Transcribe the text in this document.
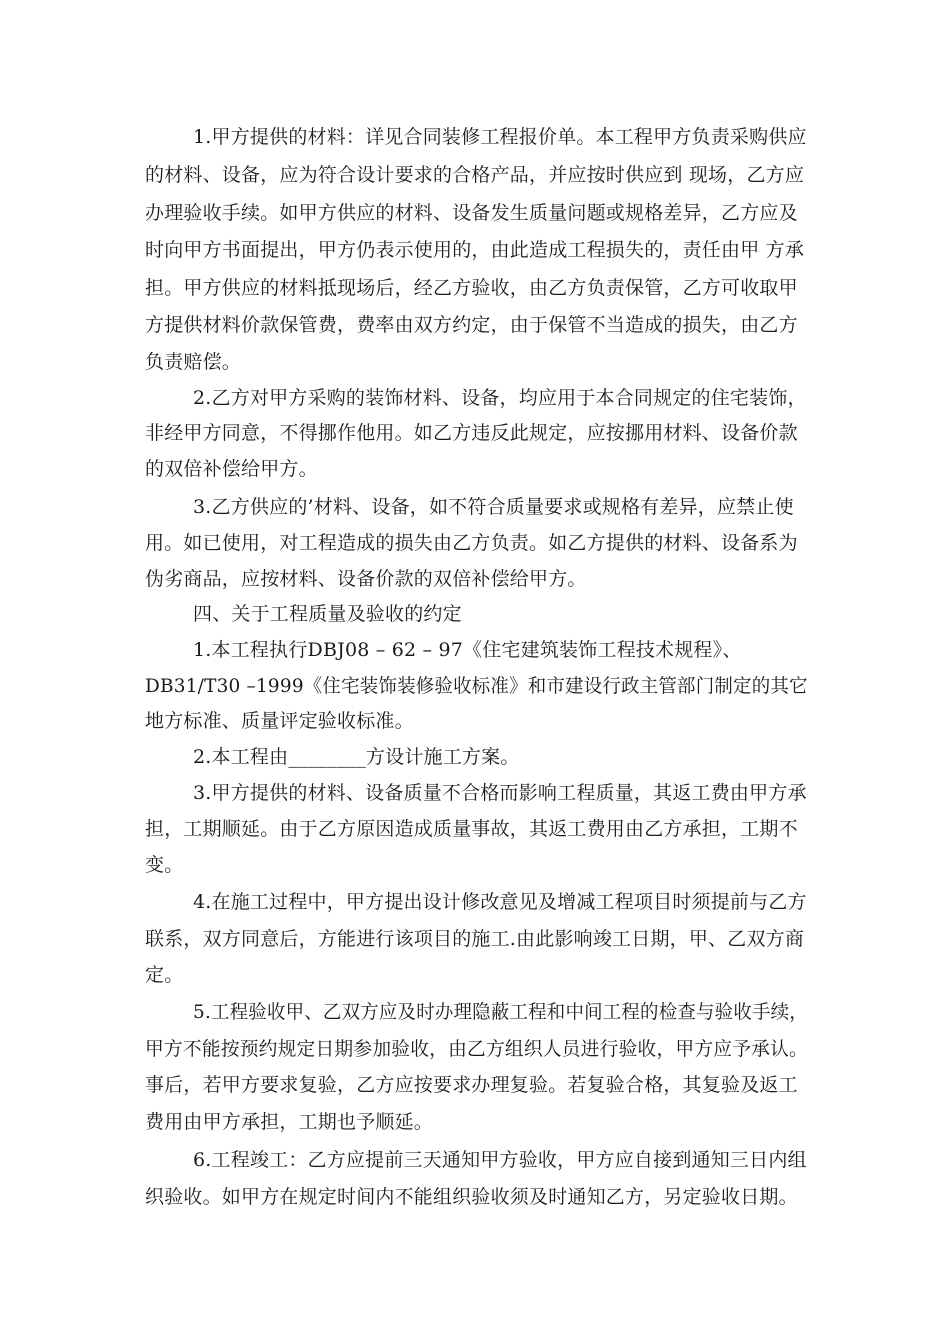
1.甲方提供的材料：详见合同装修工程报价单。本工程甲方负责采购供应
的材料、设备，应为符合设计要求的合格产品，并应按时供应到 现场，乙方应
办理验收手续。如甲方供应的材料、设备发生质量问题或规格差异，乙方应及
时向甲方书面提出，甲方仍表示使用的，由此造成工程损失的，责任由甲 方承
担。甲方供应的材料抵现场后，经乙方验收，由乙方负责保管，乙方可收取甲
方提供材料价款保管费，费率由双方约定，由于保管不当造成的损失，由乙方
负责赔偿。
2.乙方对甲方采购的装饰材料、设备，均应用于本合同规定的住宅装饰，
非经甲方同意，不得挪作他用。如乙方违反此规定，应按挪用材料、设备价款
的双倍补偿给甲方。
3.乙方供应的’材料、设备，如不符合质量要求或规格有差异，应禁止使
用。如已使用，对工程造成的损失由乙方负责。如乙方提供的材料、设备系为
伪劣商品，应按材料、设备价款的双倍补偿给甲方。
四、关于工程质量及验收的约定
1.本工程执行DBJ08 – 62 – 97《住宅建筑装饰工程技术规程》、
DB31/T30 –1999《住宅装饰装修验收标准》和市建设行政主管部门制定的其它
地方标准、质量评定验收标准。
2.本工程由________方设计施工方案。
3.甲方提供的材料、设备质量不合格而影响工程质量，其返工费由甲方承
担，工期顺延。由于乙方原因造成质量事故，其返工费用由乙方承担，工期不
变。
4.在施工过程中，甲方提出设计修改意见及增减工程项目时须提前与乙方
联系，双方同意后，方能进行该项目的施工.由此影响竣工日期，甲、乙双方商
定。
5.工程验收甲、乙双方应及时办理隐蔽工程和中间工程的检查与验收手续，
甲方不能按预约规定日期参加验收，由乙方组织人员进行验收，甲方应予承认。
事后，若甲方要求复验，乙方应按要求办理复验。若复验合格，其复验及返工
费用由甲方承担，工期也予顺延。
6.工程竣工：乙方应提前三天通知甲方验收，甲方应自接到通知三日内组
织验收。如甲方在规定时间内不能组织验收须及时通知乙方，另定验收日期。
